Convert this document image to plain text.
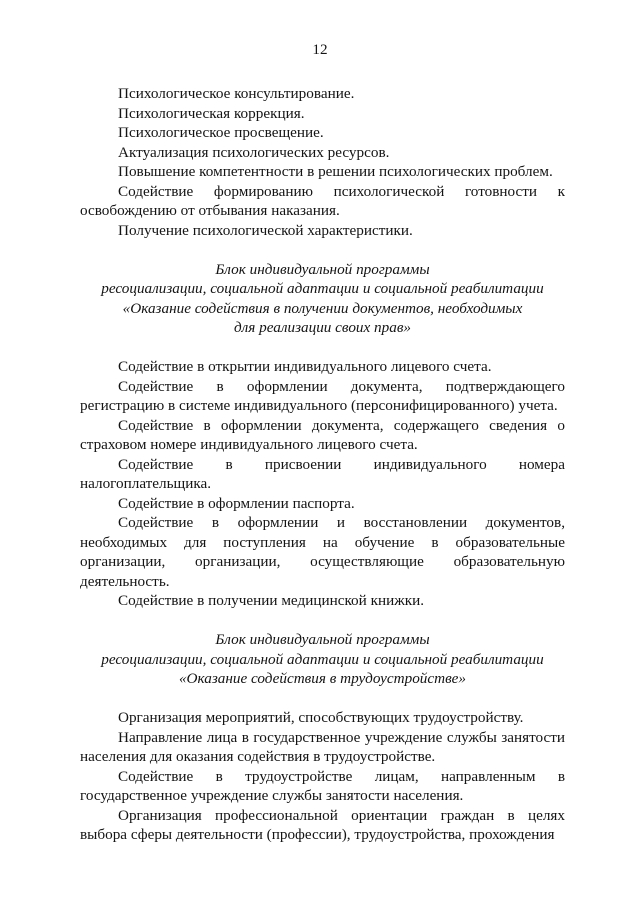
12

Психологическое консультирование.

Психологическая коррекция.

Психологическое просвещение.

Актуализация психологических ресурсов.

Повышение компетентности в решении психологических проблем.

Содействие формированию психологической готовности к освобождению от отбывания наказания.

Получение психологической характеристики.

Блок индивидуальной программы

ресоциализации, социальной адаптации и социальной реабилитации

«Оказание содействия в получении документов, необходимых

для реализации своих прав»

Содействие в открытии индивидуального лицевого счета.

Содействие в оформлении документа, подтверждающего регистрацию в системе индивидуального (персонифицированного) учета.

Содействие в оформлении документа, содержащего сведения о страховом номере индивидуального лицевого счета.

Содействие в присвоении индивидуального номера налогоплательщика.

Содействие в оформлении паспорта.

Содействие в оформлении и восстановлении документов, необходимых для поступления на обучение в образовательные организации, организации, осуществляющие образовательную деятельность.

Содействие в получении медицинской книжки.

Блок индивидуальной программы

ресоциализации, социальной адаптации и социальной реабилитации

«Оказание содействия в трудоустройстве»

Организация мероприятий, способствующих трудоустройству.

Направление лица в государственное учреждение службы занятости населения для оказания содействия в трудоустройстве.

Содействие в трудоустройстве лицам, направленным в государственное учреждение службы занятости населения.

Организация профессиональной ориентации граждан в целях выбора сферы деятельности (профессии), трудоустройства, прохождения
